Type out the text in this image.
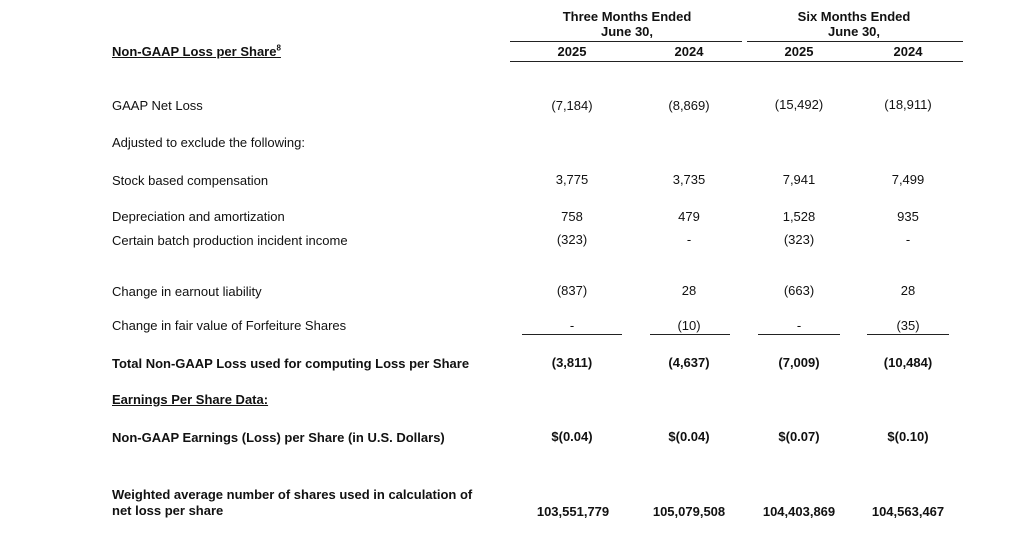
Three Months Ended
June 30,
Six Months Ended
June 30,
Non-GAAP Loss per Share$^8$	2025	2024	2025	2024
GAAP Net Loss	(7,184)	(8,869)	(15,492)	(18,911)
Adjusted to exclude the following:
Stock based compensation	3,775	3,735	7,941	7,499
Depreciation and amortization	758	479	1,528	935
Certain batch production incident income	(323)	-	(323)	-
Change in earnout liability	(837)	28	(663)	28
Change in fair value of Forfeiture Shares	-	(10)	-	(35)
Total Non-GAAP Loss used for computing Loss per Share	(3,811)	(4,637)	(7,009)	(10,484)
Earnings Per Share Data:
Non-GAAP Earnings (Loss) per Share (in U.S. Dollars)	$(0.04)	$(0.04)	$(0.07)	$(0.10)
Weighted average number of shares used in calculation of
net loss per share	103,551,779	105,079,508	104,403,869	104,563,467
